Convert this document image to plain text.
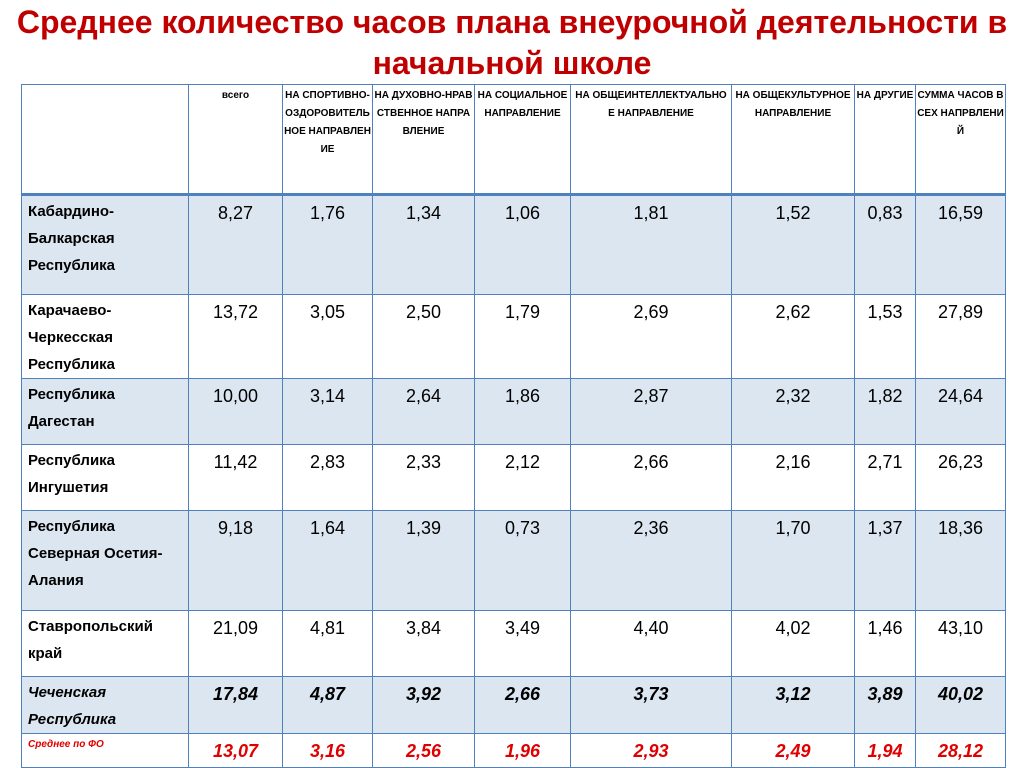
Среднее количество часов плана внеурочной деятельности в начальной школе
	всего	НА СПОРТИВНО-ОЗДОРОВИТЕЛЬНОЕ НАПРАВЛЕНИЕ	НА ДУХОВНО-НРАВСТВЕННОЕ НАПРАВЛЕНИЕ	НА СОЦИАЛЬНОЕ НАПРАВЛЕНИЕ	НА ОБЩЕИНТЕЛЛЕКТУАЛЬНОЕ НАПРАВЛЕНИЕ	НА ОБЩЕКУЛЬТУРНОЕ НАПРАВЛЕНИЕ	НА ДРУГИЕ	СУММА ЧАСОВ ВСЕХ НАПРВЛЕНИЙ
Кабардино-Балкарская Республика	8,27	1,76	1,34	1,06	1,81	1,52	0,83	16,59
Карачаево-Черкесская Республика	13,72	3,05	2,50	1,79	2,69	2,62	1,53	27,89
Республика Дагестан	10,00	3,14	2,64	1,86	2,87	2,32	1,82	24,64
Республика Ингушетия	11,42	2,83	2,33	2,12	2,66	2,16	2,71	26,23
Республика Северная Осетия-Алания	9,18	1,64	1,39	0,73	2,36	1,70	1,37	18,36
Ставропольский край	21,09	4,81	3,84	3,49	4,40	4,02	1,46	43,10
Чеченская Республика	17,84	4,87	3,92	2,66	3,73	3,12	3,89	40,02
Среднее по ФО	13,07	3,16	2,56	1,96	2,93	2,49	1,94	28,12
